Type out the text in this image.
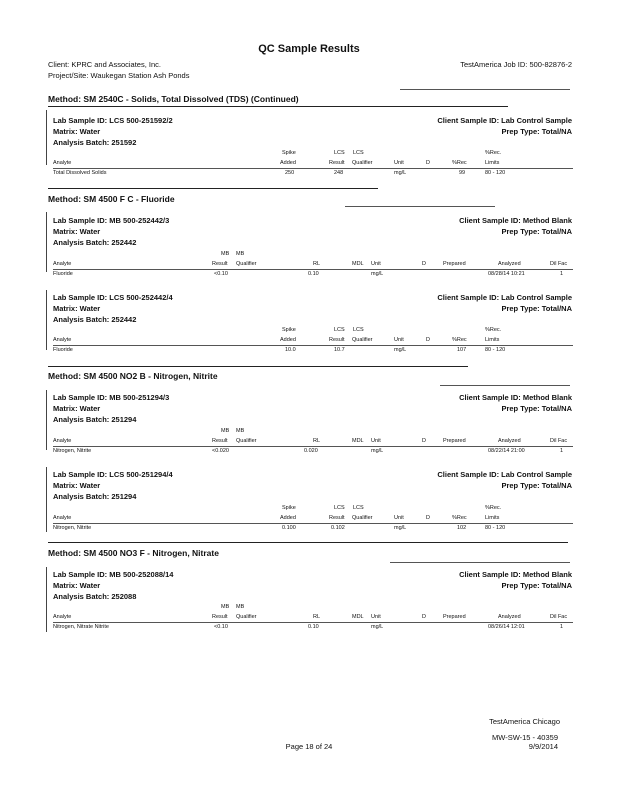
QC Sample Results
Client: KPRC and Associates, Inc.
Project/Site: Waukegan Station Ash Ponds
TestAmerica Job ID: 500-82876-2
Method: SM 2540C - Solids, Total Dissolved (TDS) (Continued)
Lab Sample ID: LCS 500-251592/2
Matrix: Water
Analysis Batch: 251592
Client Sample ID: Lab Control Sample
Prep Type: Total/NA
Spike	LCS LCS	%Rec.
Analyte	Added	Result Qualifier	Unit	D	%Rec	Limits
Total Dissolved Solids	250	248	mg/L	99	80 - 120
Method: SM 4500 F C - Fluoride
Lab Sample ID: MB 500-252442/3
Matrix: Water
Analysis Batch: 252442
Client Sample ID: Method Blank
Prep Type: Total/NA
MB MB
Analyte	Result Qualifier	RL	MDL Unit	D	Prepared	Analyzed	Dil Fac
Fluoride	<0.10	0.10	mg/L	08/28/14 10:21	1
Lab Sample ID: LCS 500-252442/4
Matrix: Water
Analysis Batch: 252442
Client Sample ID: Lab Control Sample
Prep Type: Total/NA
Spike	LCS LCS	%Rec.
Analyte	Added	Result Qualifier	Unit	D	%Rec	Limits
Fluoride	10.0	10.7	mg/L	107	80 - 120
Method: SM 4500 NO2 B - Nitrogen, Nitrite
Lab Sample ID: MB 500-251294/3
Matrix: Water
Analysis Batch: 251294
Client Sample ID: Method Blank
Prep Type: Total/NA
MB MB
Analyte	Result Qualifier	RL	MDL Unit	D	Prepared	Analyzed	Dil Fac
Nitrogen, Nitrite	<0.020	0.020	mg/L	08/22/14 21:00	1
Lab Sample ID: LCS 500-251294/4
Matrix: Water
Analysis Batch: 251294
Client Sample ID: Lab Control Sample
Prep Type: Total/NA
Spike	LCS LCS	%Rec.
Analyte	Added	Result Qualifier	Unit	D	%Rec	Limits
Nitrogen, Nitrite	0.100	0.102	mg/L	102	80 - 120
Method: SM 4500 NO3 F - Nitrogen, Nitrate
Lab Sample ID: MB 500-252088/14
Matrix: Water
Analysis Batch: 252088
Client Sample ID: Method Blank
Prep Type: Total/NA
MB MB
Analyte	Result Qualifier	RL	MDL Unit	D	Prepared	Analyzed	Dil Fac
Nitrogen, Nitrate Nitrite	<0.10	0.10	mg/L	08/26/14 12:01	1
TestAmerica Chicago
Page 18 of 24
MW-SW-15 - 40359
9/9/2014
